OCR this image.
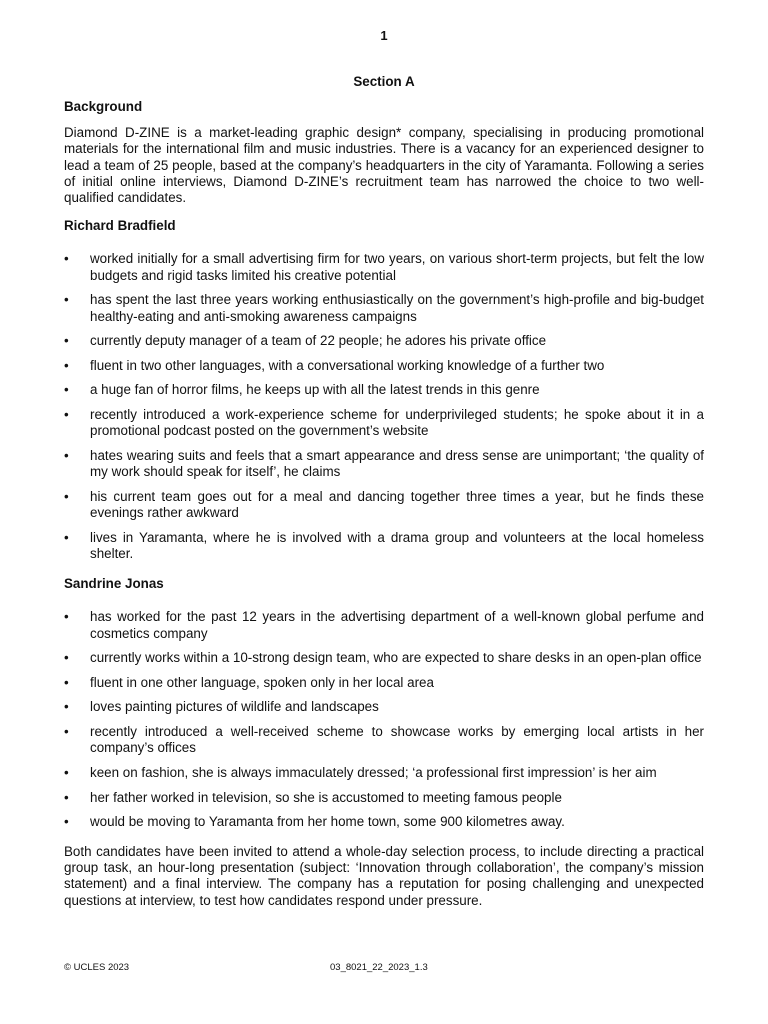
1
Section A
Background

Diamond D-ZINE is a market-leading graphic design* company, specialising in producing promotional materials for the international film and music industries. There is a vacancy for an experienced designer to lead a team of 25 people, based at the company’s headquarters in the city of Yaramanta. Following a series of initial online interviews, Diamond D-ZINE’s recruitment team has narrowed the choice to two well-qualified candidates.

Richard Bradfield
• worked initially for a small advertising firm for two years, on various short-term projects, but felt the low budgets and rigid tasks limited his creative potential
• has spent the last three years working enthusiastically on the government’s high-profile and big-budget healthy-eating and anti-smoking awareness campaigns
• currently deputy manager of a team of 22 people; he adores his private office
• fluent in two other languages, with a conversational working knowledge of a further two
• a huge fan of horror films, he keeps up with all the latest trends in this genre
• recently introduced a work-experience scheme for underprivileged students; he spoke about it in a promotional podcast posted on the government’s website
• hates wearing suits and feels that a smart appearance and dress sense are unimportant; ‘the quality of my work should speak for itself’, he claims
• his current team goes out for a meal and dancing together three times a year, but he finds these evenings rather awkward
• lives in Yaramanta, where he is involved with a drama group and volunteers at the local homeless shelter.
Sandrine Jonas
• has worked for the past 12 years in the advertising department of a well-known global perfume and cosmetics company
• currently works within a 10-strong design team, who are expected to share desks in an open-plan office
• fluent in one other language, spoken only in her local area
• loves painting pictures of wildlife and landscapes
• recently introduced a well-received scheme to showcase works by emerging local artists in her company’s offices
• keen on fashion, she is always immaculately dressed; ‘a professional first impression’ is her aim
• her father worked in television, so she is accustomed to meeting famous people
• would be moving to Yaramanta from her home town, some 900 kilometres away.

Both candidates have been invited to attend a whole-day selection process, to include directing a practical group task, an hour-long presentation (subject: ‘Innovation through collaboration’, the company’s mission statement) and a final interview. The company has a reputation for posing challenging and unexpected questions at interview, to test how candidates respond under pressure.

© UCLES 2023	03_8021_22_2023_1.3
